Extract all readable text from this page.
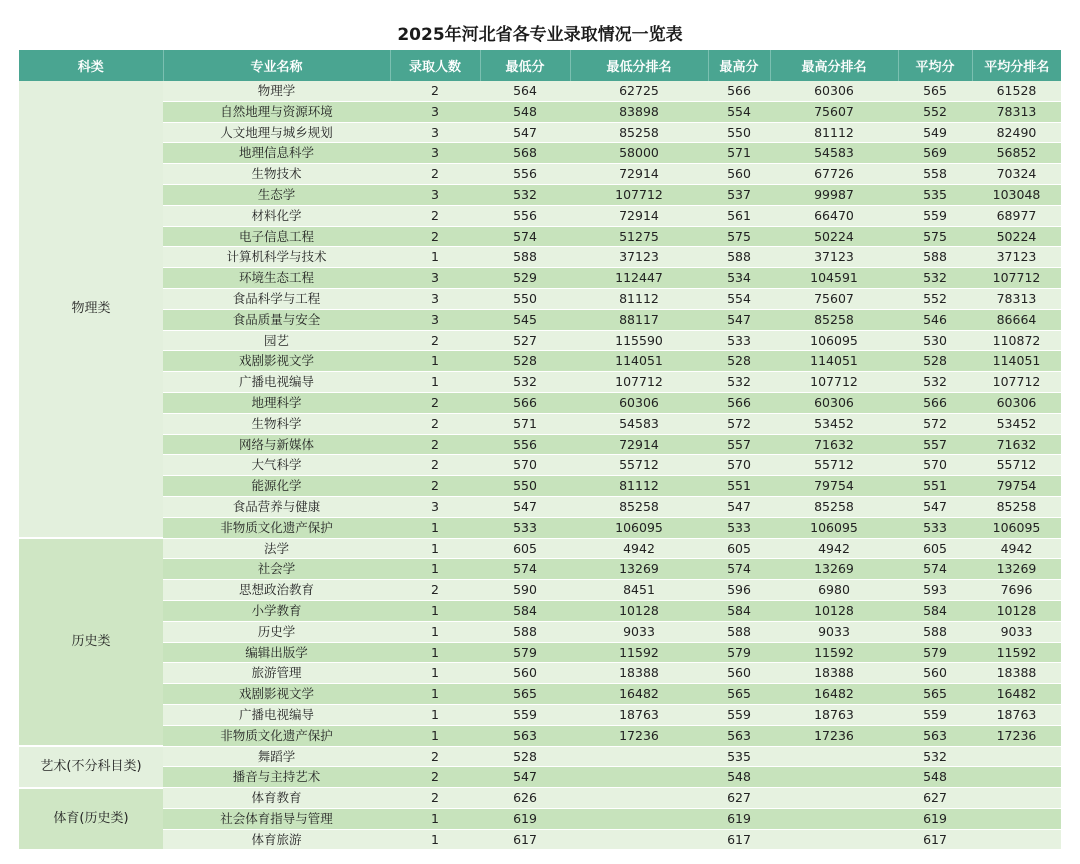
2025年河北省各专业录取情况一览表
科类	专业名称	录取人数	最低分	最低分排名	最高分	最高分排名	平均分	平均分排名
物理类	物理学	2	564	62725	566	60306	565	61528
	自然地理与资源环境	3	548	83898	554	75607	552	78313
	人文地理与城乡规划	3	547	85258	550	81112	549	82490
	地理信息科学	3	568	58000	571	54583	569	56852
	生物技术	2	556	72914	560	67726	558	70324
	生态学	3	532	107712	537	99987	535	103048
	材料化学	2	556	72914	561	66470	559	68977
	电子信息工程	2	574	51275	575	50224	575	50224
	计算机科学与技术	1	588	37123	588	37123	588	37123
	环境生态工程	3	529	112447	534	104591	532	107712
	食品科学与工程	3	550	81112	554	75607	552	78313
	食品质量与安全	3	545	88117	547	85258	546	86664
	园艺	2	527	115590	533	106095	530	110872
	戏剧影视文学	1	528	114051	528	114051	528	114051
	广播电视编导	1	532	107712	532	107712	532	107712
	地理科学	2	566	60306	566	60306	566	60306
	生物科学	2	571	54583	572	53452	572	53452
	网络与新媒体	2	556	72914	557	71632	557	71632
	大气科学	2	570	55712	570	55712	570	55712
	能源化学	2	550	81112	551	79754	551	79754
	食品营养与健康	3	547	85258	547	85258	547	85258
	非物质文化遗产保护	1	533	106095	533	106095	533	106095
历史类	法学	1	605	4942	605	4942	605	4942
	社会学	1	574	13269	574	13269	574	13269
	思想政治教育	2	590	8451	596	6980	593	7696
	小学教育	1	584	10128	584	10128	584	10128
	历史学	1	588	9033	588	9033	588	9033
	编辑出版学	1	579	11592	579	11592	579	11592
	旅游管理	1	560	18388	560	18388	560	18388
	戏剧影视文学	1	565	16482	565	16482	565	16482
	广播电视编导	1	559	18763	559	18763	559	18763
	非物质文化遗产保护	1	563	17236	563	17236	563	17236
艺术(不分科目类)	舞蹈学	2	528		535		532	
	播音与主持艺术	2	547		548		548	
体育(历史类)	体育教育	2	626		627		627	
	社会体育指导与管理	1	619		619		619	
	体育旅游	1	617		617		617	
